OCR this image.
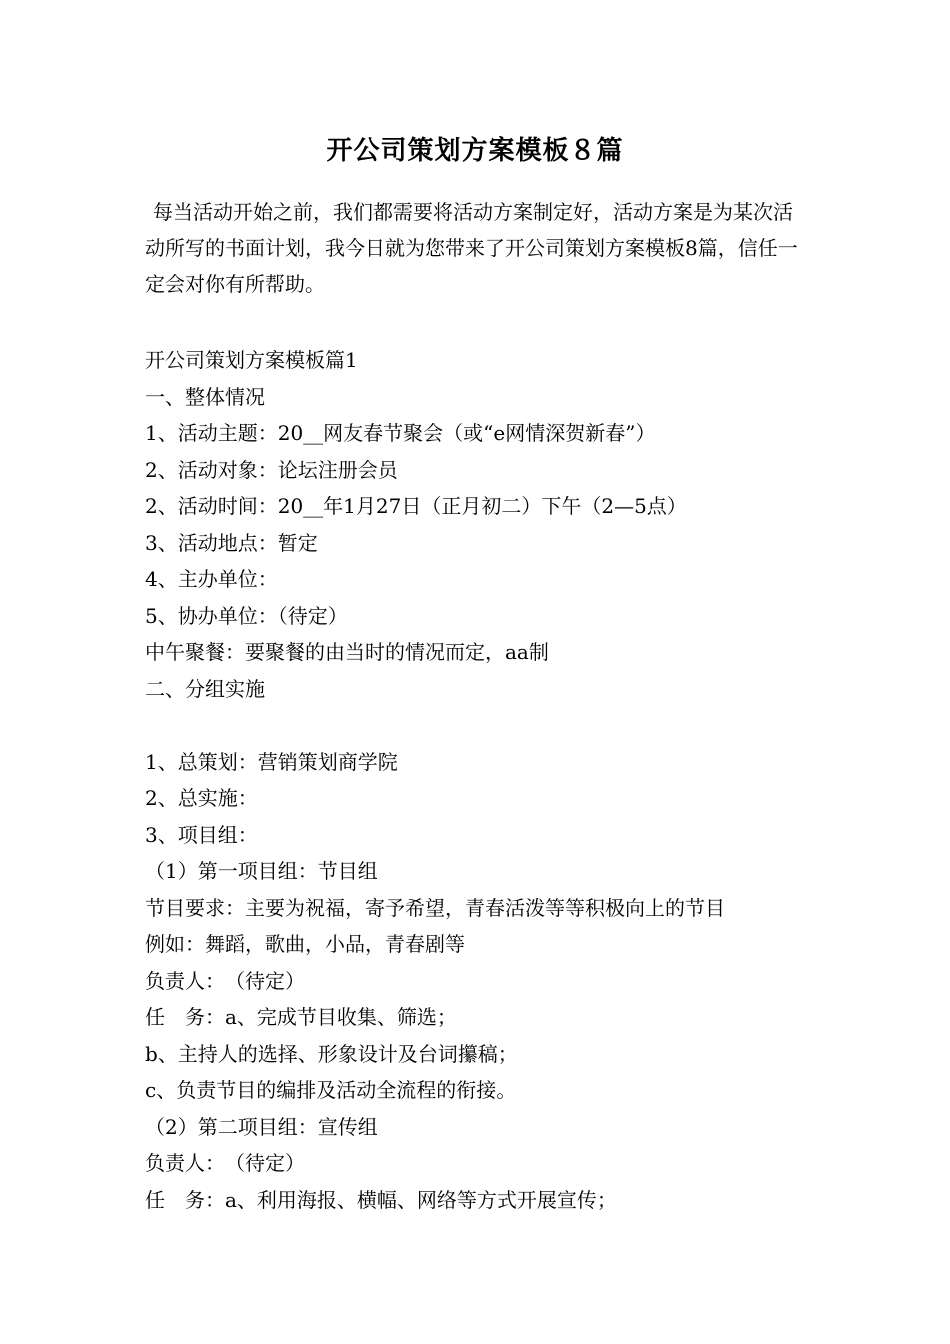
开公司策划方案模板８篇

每当活动开始之前，我们都需要将活动方案制定好，活动方案是为某次活动所写的书面计划，我今日就为您带来了开公司策划方案模板8篇，信任一定会对你有所帮助。

开公司策划方案模板篇1
一、整体情况
1、活动主题：20__网友春节聚会（或“e网情深贺新春”）
2、活动对象：论坛注册会员
2、活动时间：20__年1月27日（正月初二）下午（2—5点）
3、活动地点：暂定
4、主办单位：
5、协办单位：（待定）
中午聚餐：要聚餐的由当时的情况而定，aa制
二、分组实施
1、总策划：营销策划商学院
2、总实施：
3、项目组：
（1）第一项目组：节目组
节目要求：主要为祝福，寄予希望，青春活泼等等积极向上的节目
例如：舞蹈，歌曲，小品，青春剧等
负责人：　（待定）
任　务：a、完成节目收集、筛选；
b、主持人的选择、形象设计及台词攥稿；
c、负责节目的编排及活动全流程的衔接。
（2）第二项目组：宣传组
负责人：　（待定）
任　务：a、利用海报、横幅、网络等方式开展宣传；
